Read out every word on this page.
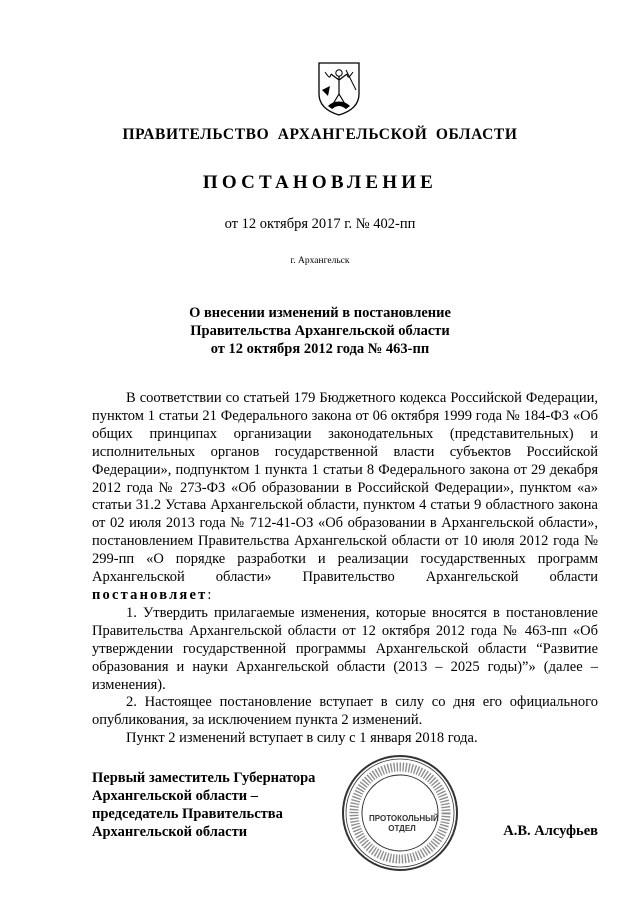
ПРАВИТЕЛЬСТВО АРХАНГЕЛЬСКОЙ ОБЛАСТИ
ПОСТАНОВЛЕНИЕ
от 12 октября 2017 г. № 402-пп
г. Архангельск
О внесении изменений в постановление
Правительства Архангельской области
от 12 октября 2012 года № 463-пп

В соответствии со статьей 179 Бюджетного кодекса Российской Федерации, пунктом 1 статьи 21 Федерального закона от 06 октября 1999 года № 184-ФЗ «Об общих принципах организации законодательных (представительных) и исполнительных органов государственной власти субъектов Российской Федерации», подпунктом 1 пункта 1 статьи 8 Федерального закона от 29 декабря 2012 года № 273-ФЗ «Об образовании в Российской Федерации», пунктом «а» статьи 31.2 Устава Архангельской области, пунктом 4 статьи 9 областного закона от 02 июля 2013 года № 712-41-ОЗ «Об образовании в Архангельской области», постановлением Правительства Архангельской области от 10 июля 2012 года № 299-пп «О порядке разработки и реализации государственных программ Архангельской области» Правительство Архангельской области постановляет:

1. Утвердить прилагаемые изменения, которые вносятся в постановление Правительства Архангельской области от 12 октября 2012 года № 463-пп «Об утверждении государственной программы Архангельской области “Развитие образования и науки Архангельской области (2013 – 2025 годы)”» (далее – изменения).

2. Настоящее постановление вступает в силу со дня его официального опубликования, за исключением пункта 2 изменений.

Пункт 2 изменений вступает в силу с 1 января 2018 года.

Первый заместитель Губернатора
Архангельской области –
председатель Правительства
Архангельской области
ПРОТОКОЛЬНЫЙ
ОТДЕЛ	А.В. Алсуфьев
